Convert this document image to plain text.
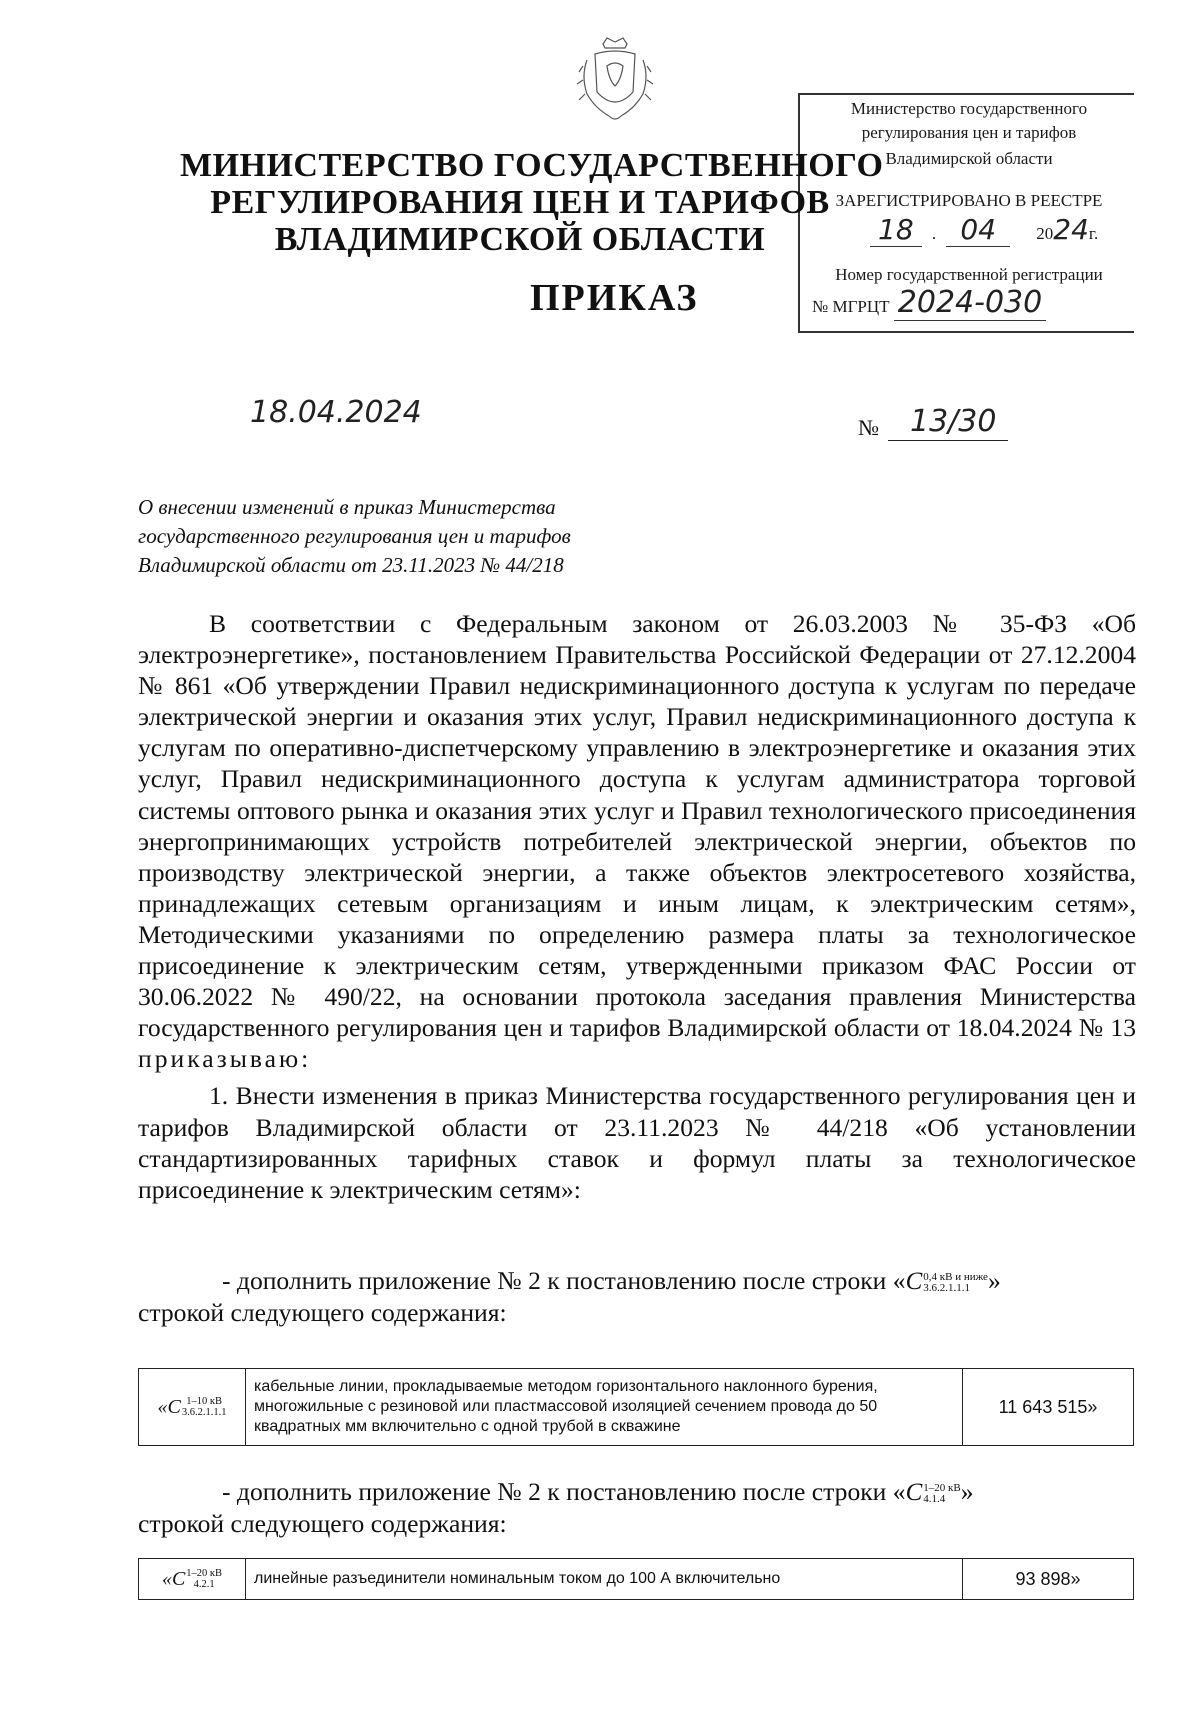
Министерство государственного
регулирования цен и тарифов
Владимирской области
ЗАРЕГИСТРИРОВАНО В РЕЕСТРЕ
18 . 04 2024г.
Номер государственной регистрации
№ МГРЦТ 2024-030
МИНИСТЕРСТВО ГОСУДАРСТВЕННОГО
РЕГУЛИРОВАНИЯ ЦЕН И ТАРИФОВ
ВЛАДИМИРСКОЙ ОБЛАСТИ
ПРИКАЗ
18.04.2024	№ 13/30
О внесении изменений в приказ Министерства
государственного регулирования цен и тарифов
Владимирской области от 23.11.2023 № 44/218

В соответствии с Федеральным законом от 26.03.2003 № 35-ФЗ «Об электроэнергетике», постановлением Правительства Российской Федерации от 27.12.2004 № 861 «Об утверждении Правил недискриминационного доступа к услугам по передаче электрической энергии и оказания этих услуг, Правил недискриминационного доступа к услугам по оперативно-диспетчерскому управлению в электроэнергетике и оказания этих услуг, Правил недискриминационного доступа к услугам администратора торговой системы оптового рынка и оказания этих услуг и Правил технологического присоединения энергопринимающих устройств потребителей электрической энергии, объектов по производству электрической энергии, а также объектов электросетевого хозяйства, принадлежащих сетевым организациям и иным лицам, к электрическим сетям», Методическими указаниями по определению размера платы за технологическое присоединение к электрическим сетям, утвержденными приказом ФАС России от 30.06.2022 № 490/22, на основании протокола заседания правления Министерства государственного регулирования цен и тарифов Владимирской области от 18.04.2024 № 13 приказываю:

1. Внести изменения в приказ Министерства государственного регулирования цен и тарифов Владимирской области от 23.11.2023 № 44/218 «Об установлении стандартизированных тарифных ставок и формул платы за технологическое присоединение к электрическим сетям»:

- дополнить приложение № 2 к постановлению после строки «C 0,4 кВ и ниже
3.6.2.1.1.1 »
строкой следующего содержания:
« C 1–10 кВ
3.6.2.1.1.1
	кабельные линии, прокладываемые методом горизонтального наклонного бурения, многожильные с резиновой или пластмассовой изоляцией сечением провода до 50 квадратных мм включительно с одной трубой в скважине	11 643 515»
- дополнить приложение № 2 к постановлению после строки «C 1–20 кВ
4.1.4 »
строкой следующего содержания:
« C 1–20 кВ
4.2.1	линейные разъединители номинальным током до 100 А включительно	93 898»
